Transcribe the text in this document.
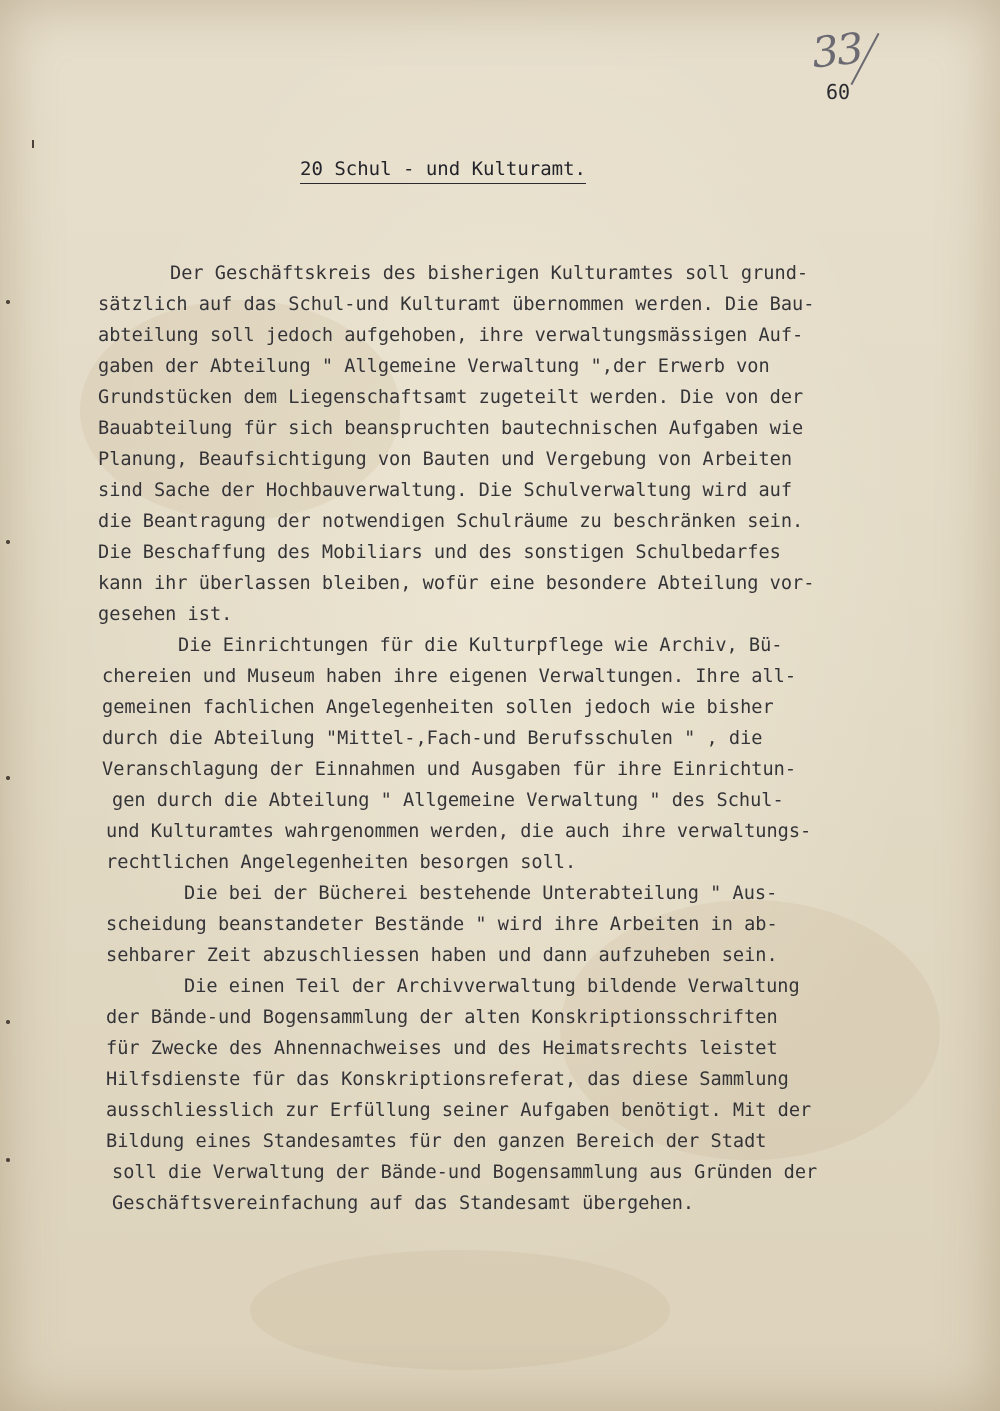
33
60
20 Schul - und Kulturamt.
Der Geschäftskreis des bisherigen Kulturamtes soll grund-
sätzlich auf das Schul-und Kulturamt übernommen werden. Die Bau-
abteilung soll jedoch aufgehoben, ihre verwaltungsmässigen Auf-
gaben der Abteilung " Allgemeine Verwaltung ",der Erwerb von
Grundstücken dem Liegenschaftsamt zugeteilt werden. Die von der
Bauabteilung für sich beanspruchten bautechnischen Aufgaben wie
Planung, Beaufsichtigung von Bauten und Vergebung von Arbeiten
sind Sache der Hochbauverwaltung. Die Schulverwaltung wird auf
die Beantragung der notwendigen Schulräume zu beschränken sein.
Die Beschaffung des Mobiliars und des sonstigen Schulbedarfes
kann ihr überlassen bleiben, wofür eine besondere Abteilung vor-
gesehen ist.
Die Einrichtungen für die Kulturpflege wie Archiv, Bü-
chereien und Museum haben ihre eigenen Verwaltungen. Ihre all-
gemeinen fachlichen Angelegenheiten sollen jedoch wie bisher
durch die Abteilung "Mittel-,Fach-und Berufsschulen " , die
Veranschlagung der Einnahmen und Ausgaben für ihre Einrichtun-
gen durch die Abteilung " Allgemeine Verwaltung " des Schul-
und Kulturamtes wahrgenommen werden, die auch ihre verwaltungs-
rechtlichen Angelegenheiten besorgen soll.
Die bei der Bücherei bestehende Unterabteilung " Aus-
scheidung beanstandeter Bestände " wird ihre Arbeiten in ab-
sehbarer Zeit abzuschliessen haben und dann aufzuheben sein.
Die einen Teil der Archivverwaltung bildende Verwaltung
der Bände-und Bogensammlung der alten Konskriptionsschriften
für Zwecke des Ahnennachweises und des Heimatsrechts leistet
Hilfsdienste für das Konskriptionsreferat, das diese Sammlung
ausschliesslich zur Erfüllung seiner Aufgaben benötigt. Mit der
Bildung eines Standesamtes für den ganzen Bereich der Stadt
soll die Verwaltung der Bände-und Bogensammlung aus Gründen der
Geschäftsvereinfachung auf das Standesamt übergehen.
